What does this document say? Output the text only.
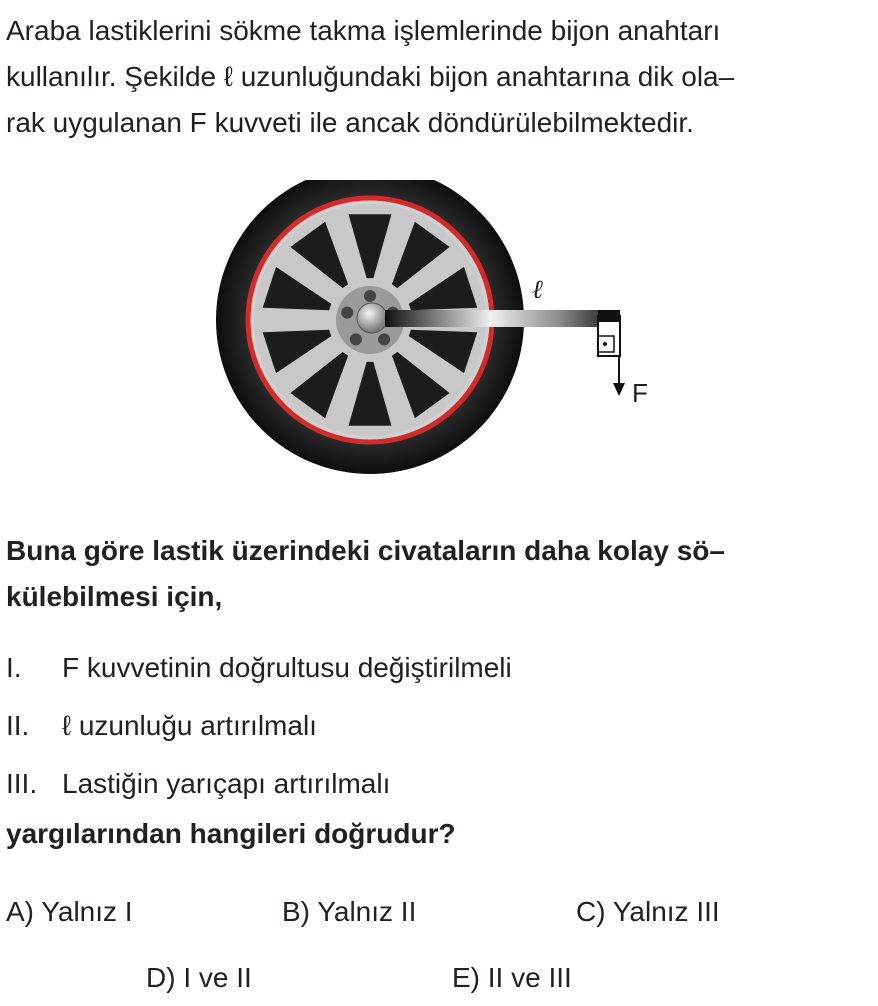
Araba lastiklerini sökme takma işlemlerinde bijon anahtarı
kullanılır. Şekilde ℓ uzunluğundaki bijon anahtarına dik ola–
rak uygulanan F kuvveti ile ancak döndürülebilmektedir.
F
ℓ
Buna göre lastik üzerindeki civataların daha kolay sö–
külebilmesi için,
I. F kuvvetinin doğrultusu değiştirilmeli
II. ℓ uzunluğu artırılmalı
III. Lastiğin yarıçapı artırılmalı
yargılarından hangileri doğrudur?
A) Yalnız I	B) Yalnız II	C) Yalnız III
D) I ve II	E) II ve III
